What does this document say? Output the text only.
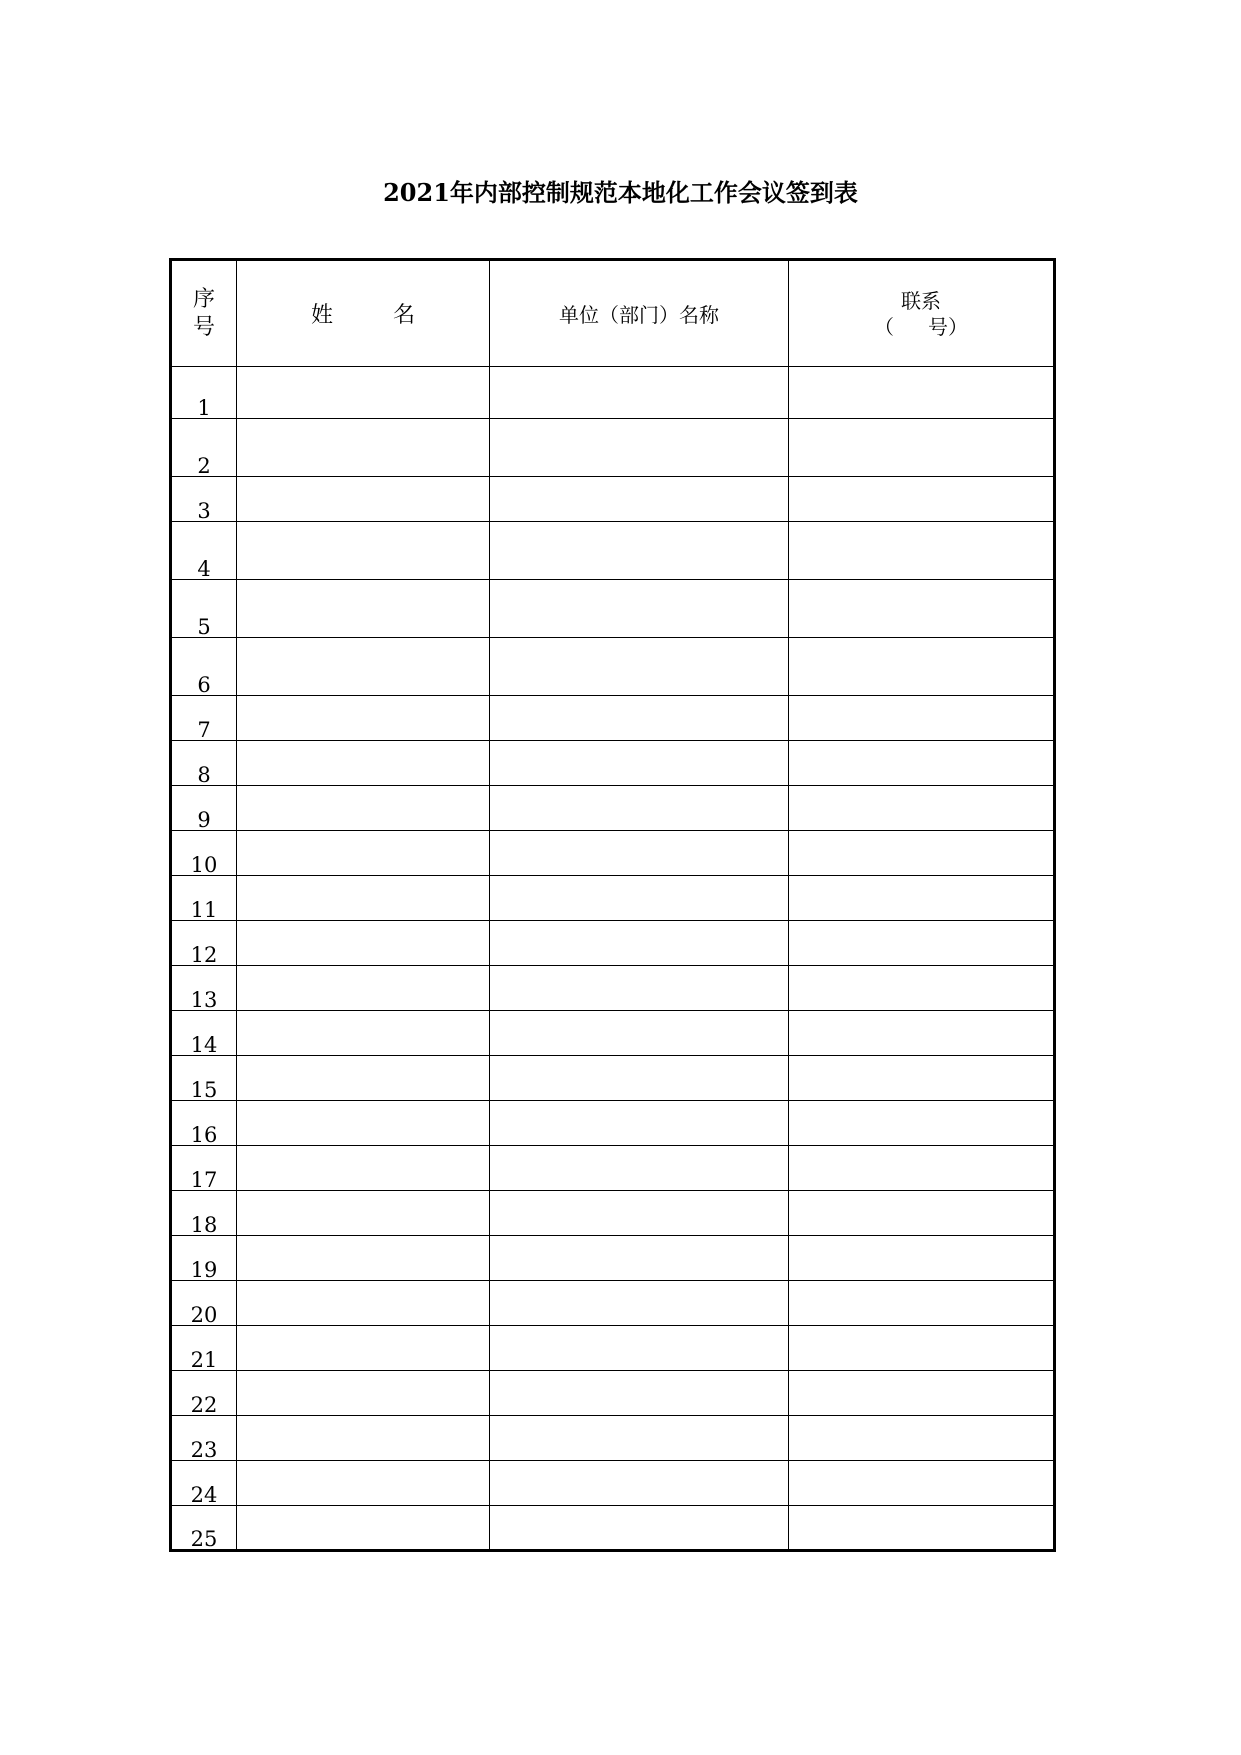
2021年内部控制规范本地化工作会议签到表
序
号	姓 名	单位（部门）名称	联系
（ 号）
1			
2			
3			
4			
5			
6			
7			
8			
9			
10			
11			
12			
13			
14			
15			
16			
17			
18			
19			
20			
21			
22			
23			
24			
25			
